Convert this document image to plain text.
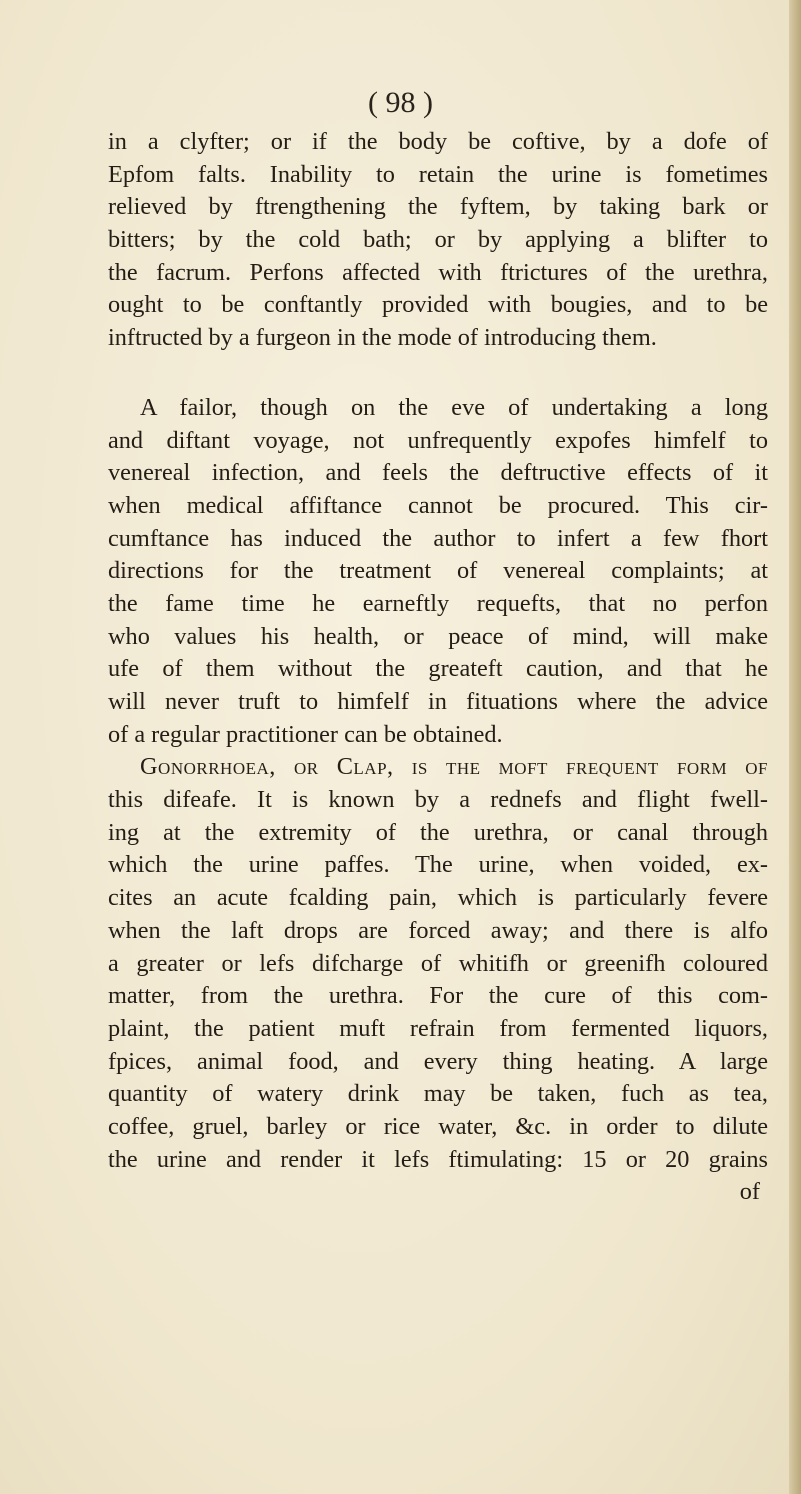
( 98 )
in a clyfter; or if the body be coftive, by a dofe of
Epfom falts. Inability to retain the urine is fometimes
relieved by ftrengthening the fyftem, by taking bark or
bitters; by the cold bath; or by applying a blifter to
the facrum. Perfons affected with ftrictures of the urethra,
ought to be conftantly provided with bougies, and to be
inftructed by a furgeon in the mode of introducing them.
A failor, though on the eve of undertaking a long
and diftant voyage, not unfrequently expofes himfelf to
venereal infection, and feels the deftructive effects of it
when medical affiftance cannot be procured. This cir-
cumftance has induced the author to infert a few fhort
directions for the treatment of venereal complaints; at
the fame time he earneftly requefts, that no perfon
who values his health, or peace of mind, will make
ufe of them without the greateft caution, and that he
will never truft to himfelf in fituations where the advice
of a regular practitioner can be obtained.
Gonorrhoea, or Clap, is the moft frequent form of
this difeafe. It is known by a rednefs and flight fwell-
ing at the extremity of the urethra, or canal through
which the urine paffes. The urine, when voided, ex-
cites an acute fcalding pain, which is particularly fevere
when the laft drops are forced away; and there is alfo
a greater or lefs difcharge of whitifh or greenifh coloured
matter, from the urethra. For the cure of this com-
plaint, the patient muft refrain from fermented liquors,
fpices, animal food, and every thing heating. A large
quantity of watery drink may be taken, fuch as tea,
coffee, gruel, barley or rice water, &c. in order to dilute
the urine and render it lefs ftimulating: 15 or 20 grains
of
